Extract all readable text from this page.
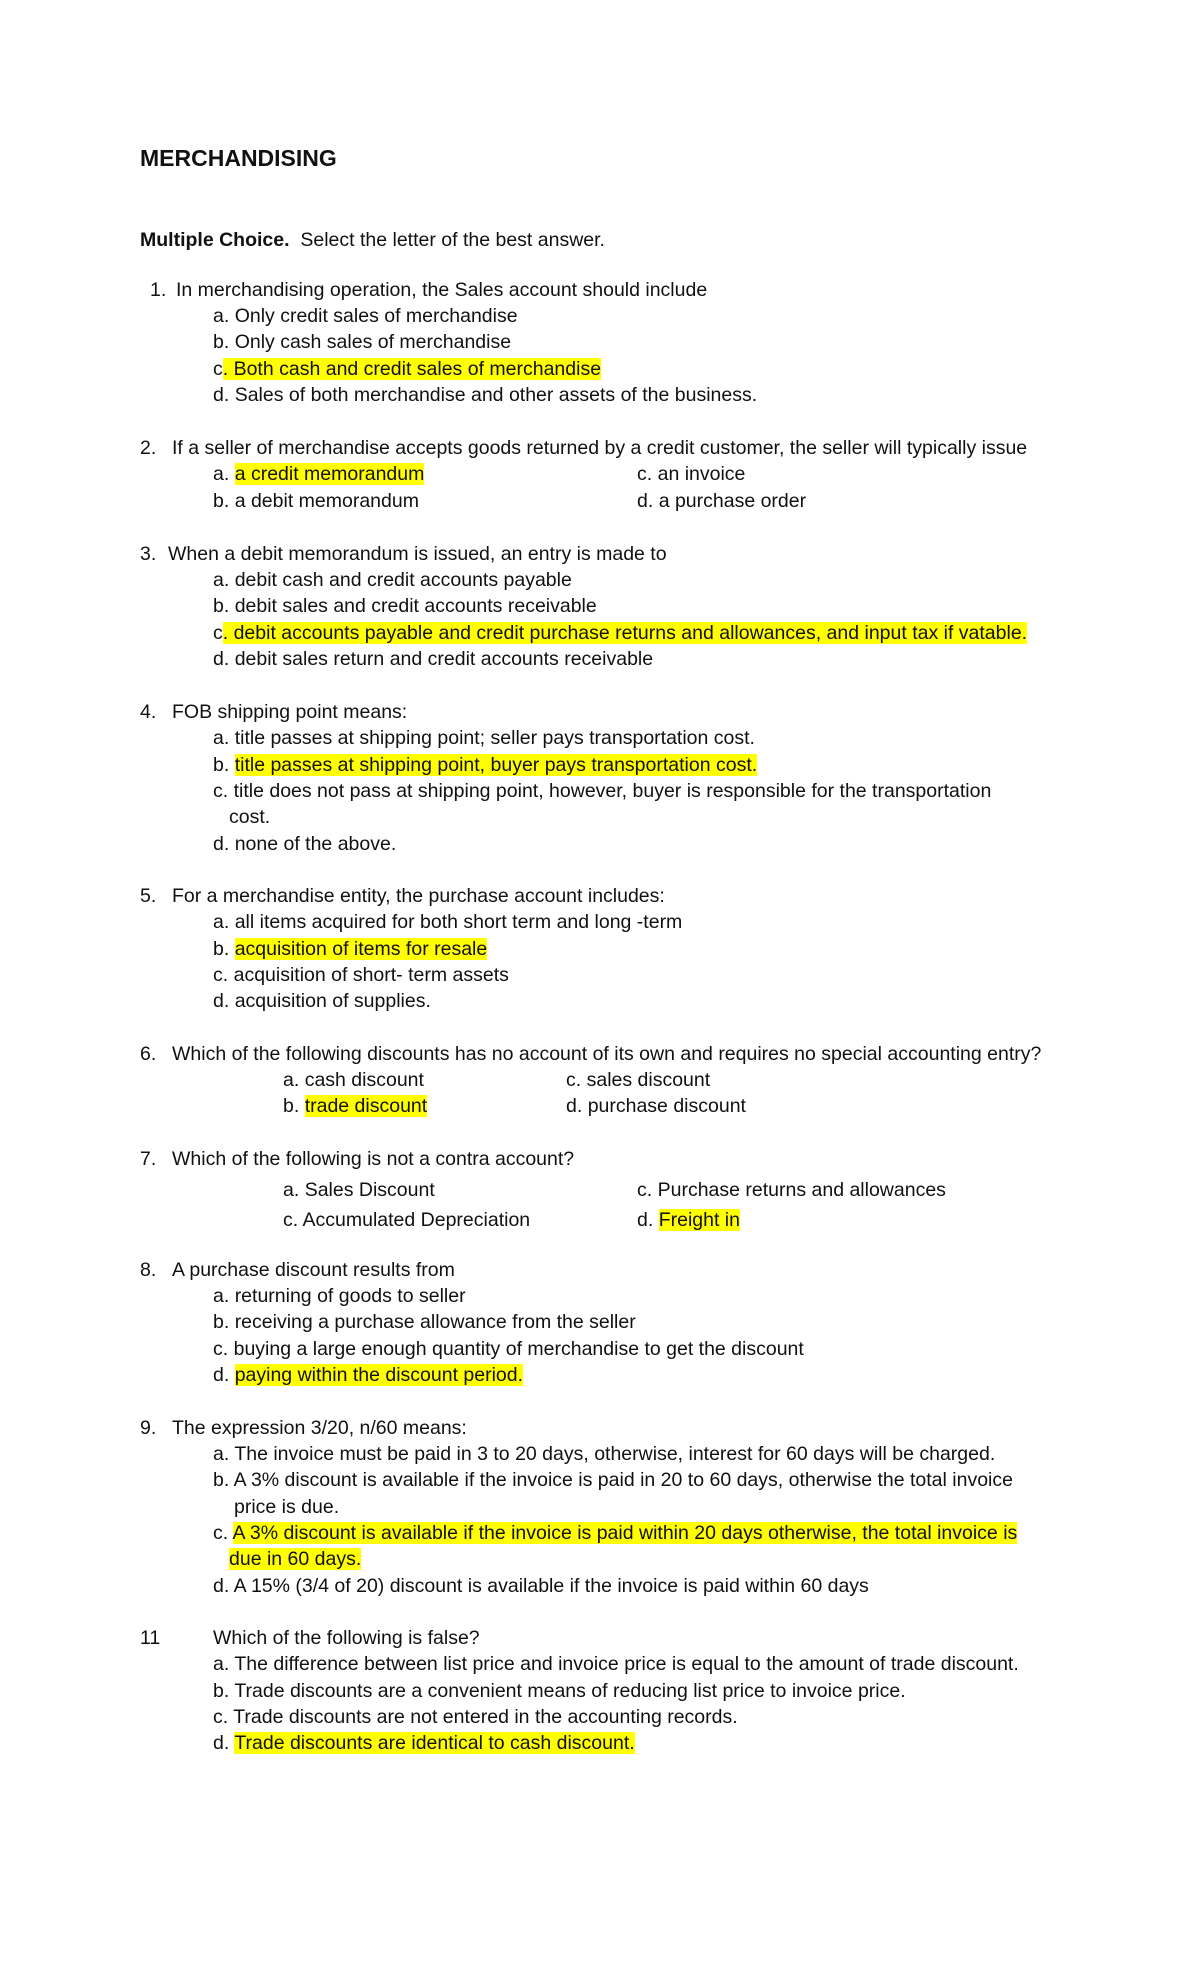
MERCHANDISING
Multiple Choice. Select the letter of the best answer.
1. In merchandising operation, the Sales account should include
a. Only credit sales of merchandise
b. Only cash sales of merchandise
c. Both cash and credit sales of merchandise
d. Sales of both merchandise and other assets of the business.
2. If a seller of merchandise accepts goods returned by a credit customer, the seller will typically issue
a. a credit memorandum	c. an invoice
b. a debit memorandum	d. a purchase order
3. When a debit memorandum is issued, an entry is made to
a. debit cash and credit accounts payable
b. debit sales and credit accounts receivable
c. debit accounts payable and credit purchase returns and allowances, and input tax if vatable.
d. debit sales return and credit accounts receivable
4. FOB shipping point means:
a. title passes at shipping point; seller pays transportation cost.
b. title passes at shipping point, buyer pays transportation cost.
c. title does not pass at shipping point, however, buyer is responsible for the transportation
cost.
d. none of the above.
5. For a merchandise entity, the purchase account includes:
a. all items acquired for both short term and long -term
b. acquisition of items for resale
c. acquisition of short- term assets
d. acquisition of supplies.
6. Which of the following discounts has no account of its own and requires no special accounting entry?
a. cash discount	c. sales discount
b. trade discount	d. purchase discount
7. Which of the following is not a contra account?
a. Sales Discount	c. Purchase returns and allowances
c. Accumulated Depreciation	d. Freight in
8. A purchase discount results from
a. returning of goods to seller
b. receiving a purchase allowance from the seller
c. buying a large enough quantity of merchandise to get the discount
d. paying within the discount period.
9. The expression 3/20, n/60 means:
a. The invoice must be paid in 3 to 20 days, otherwise, interest for 60 days will be charged.
b. A 3% discount is available if the invoice is paid in 20 to 60 days, otherwise the total invoice
price is due.
c. A 3% discount is available if the invoice is paid within 20 days otherwise, the total invoice is
due in 60 days.
d. A 15% (3/4 of 20) discount is available if the invoice is paid within 60 days
11	Which of the following is false?
a. The difference between list price and invoice price is equal to the amount of trade discount.
b. Trade discounts are a convenient means of reducing list price to invoice price.
c. Trade discounts are not entered in the accounting records.
d. Trade discounts are identical to cash discount.
